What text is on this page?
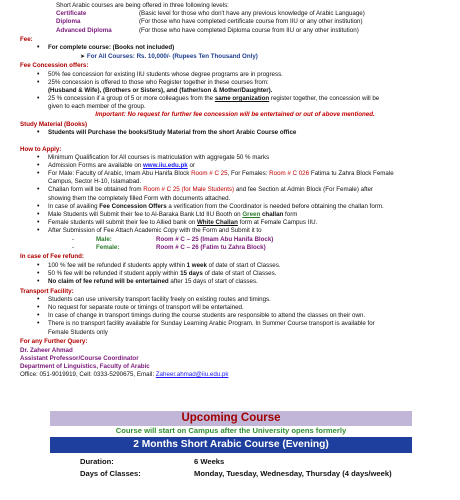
Short Arabic courses are being offered in three following levels:
Certificate	(Basic level for those who don't have any previous knowledge of Arabic Language)
Diploma	(For those who have completed certificate course from IIU or any other institution)
Advanced Diploma	(For those who have completed Diploma course from IIU or any other institution)
Fee:
• For complete course: (Books not included)
➤ For All Courses: Rs. 10,000/- (Rupees Ten Thousand Only)
Fee Concession offers:
• 50% fee concession for existing IIU students whose degree programs are in progress.
• 25% concession is offered to those who Register together in these courses from:
(Husband & Wife), (Brothers or Sisters), and (father/son & Mother/Daughter).
• 25 % concession if a group of 5 or more colleagues from the same organization register together, the concession will be
given to each member of the group.
Important: No request for further fee concession will be entertained or out of above mentioned.
Study Material (Books)
• Students will Purchase the books/Study Material from the short Arabic Course office
How to Apply:
• Minimum Qualification for All courses is matriculation with aggregate 50 % marks
• Admission Forms are available on www.iiu.edu.pk or
• For Male: Faculty of Arabic, Imam Abu Hanifa Block Room # C 25, For Females: Room # C 026 Fatima tu Zahra Block Female
Campus, Sector H-10, Islamabad.
• Challan form will be obtained from Room # C 25 (for Male Students) and fee Section at Admin Block (For Female) after
showing them the completely filled Form with documents attached.
• In case of availing Fee Concession Offers a verification from the Coordinator is needed before obtaining the challan form.
• Male Students will Submit their fee to Al-Baraka Bank Ltd IIU Booth on Green challan form
• Female students will submit their fee to Allied bank on White Challan form at Female Campus IIU.
• After Submission of Fee Attach Academic Copy with the Form and Submit it to
-	Male:	Room # C – 25 (Imam Abu Hanifa Block)
-	Female:	Room # C – 26 (Fatim tu Zahra Block)
In case of Fee refund:
• 100 % fee will be refunded if students apply within 1 week of date of start of Classes.
• 50 % fee will be refunded if student apply within 15 days of date of start of Classes.
• No claim of fee refund will be entertained after 15 days of start of classes.
Transport Facility:
• Students can use university transport facility freely on existing routes and timings.
• No request for separate route or timings of transport will be entertained.
• In case of change in transport timings during the course students are responsible to attend the classes on their own.
• There is no transport facility available for Sunday Learning Arabic Program. In Summer Course transport is available for
Female Students only
For any Further Query:
Dr. Zaheer Ahmad
Assistant Professor/Course Coordinator
Department of Linguistics, Faculty of Arabic
Office: 051-9019919, Cell: 0333-5290675, Email: Zaheer.ahmad@iiu.edu.pk
Upcoming Course
Course will start on Campus after the University opens formerly
2 Months Short Arabic Course (Evening)
Duration:	6 Weeks
Days of Classes:	Monday, Tuesday, Wednesday, Thursday (4 days/week)
